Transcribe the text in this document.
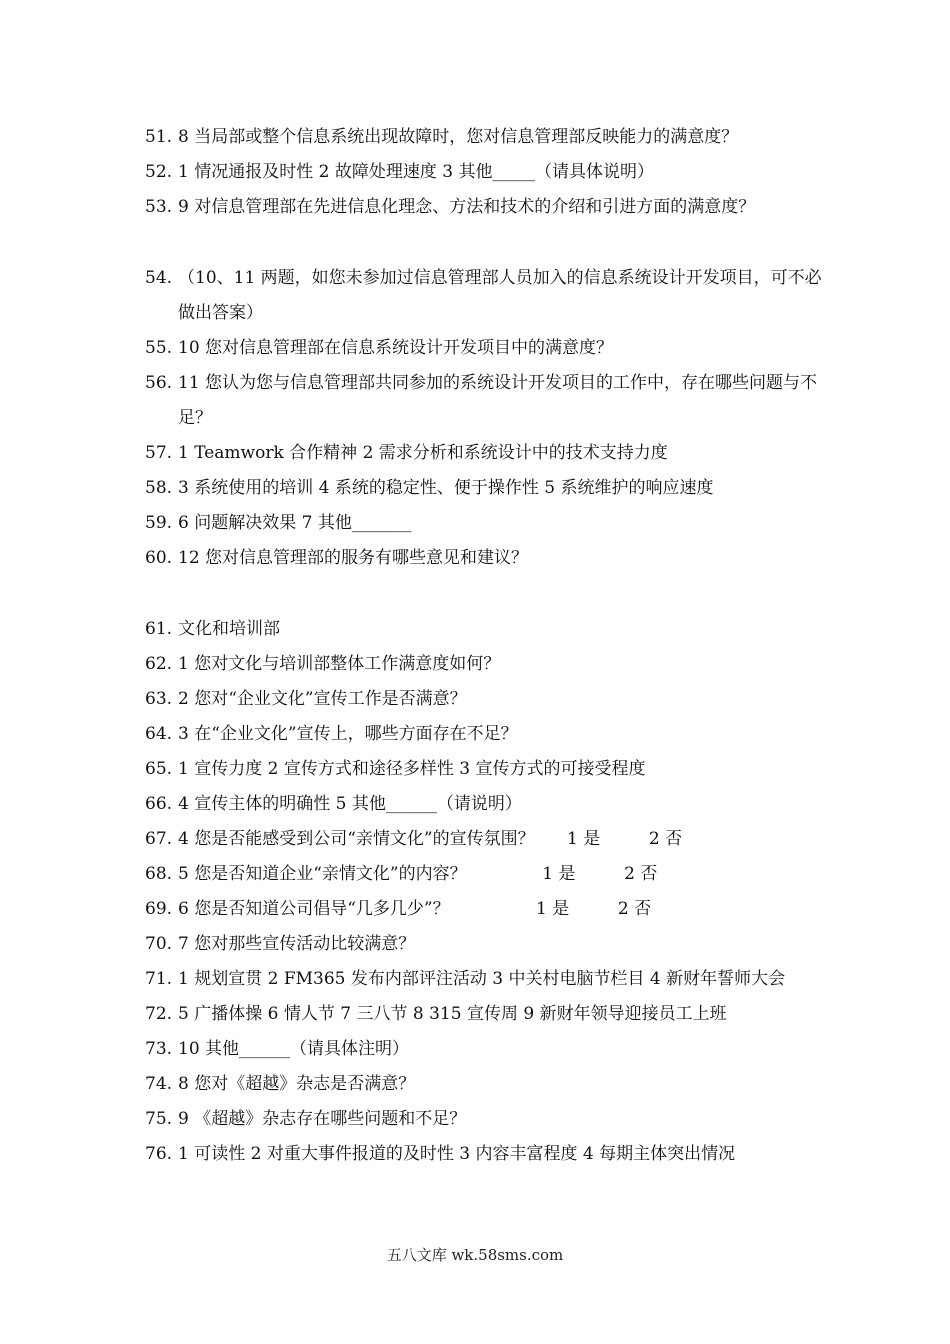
51. 8 当局部或整个信息系统出现故障时，您对信息管理部反映能力的满意度？
52. 1 情况通报及时性 2 故障处理速度 3 其他_____（请具体说明）
53. 9 对信息管理部在先进信息化理念、方法和技术的介绍和引进方面的满意度？
54. （10、11 两题，如您未参加过信息管理部人员加入的信息系统设计开发项目，可不必做出答案）
55. 10 您对信息管理部在信息系统设计开发项目中的满意度？
56. 11 您认为您与信息管理部共同参加的系统设计开发项目的工作中，存在哪些问题与不足？
57. 1 Teamwork 合作精神 2 需求分析和系统设计中的技术支持力度
58. 3 系统使用的培训 4 系统的稳定性、便于操作性 5 系统维护的响应速度
59. 6 问题解决效果 7 其他_______
60. 12 您对信息管理部的服务有哪些意见和建议？
61. 文化和培训部
62. 1 您对文化与培训部整体工作满意度如何？
63. 2 您对“企业文化”宣传工作是否满意？
64. 3 在“企业文化”宣传上，哪些方面存在不足？
65. 1 宣传力度 2 宣传方式和途径多样性 3 宣传方式的可接受程度
66. 4 宣传主体的明确性 5 其他______（请说明）
67. 4 您是否能感受到公司“亲情文化”的宣传氛围？      1 是         2 否
68. 5 您是否知道企业“亲情文化”的内容？              1 是         2 否
69. 6 您是否知道公司倡导“几多几少”？                1 是         2 否
70. 7 您对那些宣传活动比较满意？
71. 1 规划宣贯 2 FM365 发布内部评注活动 3 中关村电脑节栏目 4 新财年誓师大会
72. 5 广播体操 6 情人节 7 三八节 8 315 宣传周 9 新财年领导迎接员工上班
73. 10 其他______（请具体注明）
74. 8 您对《超越》杂志是否满意？
75. 9 《超越》杂志存在哪些问题和不足？
76. 1 可读性 2 对重大事件报道的及时性 3 内容丰富程度 4 每期主体突出情况
五八文库 wk.58sms.com
